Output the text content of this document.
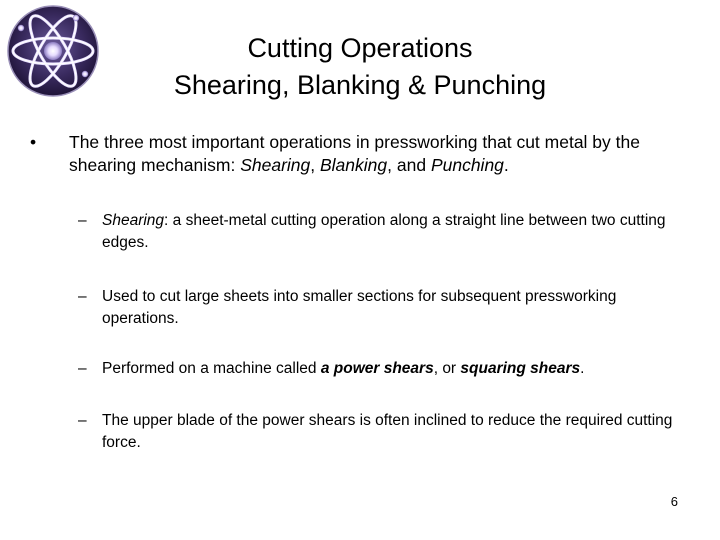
Cutting Operations
Shearing, Blanking & Punching
•	The three most important operations in pressworking that cut metal by the shearing mechanism: Shearing, Blanking, and Punching.
– Shearing: a sheet-metal cutting operation along a straight line between two cutting edges.
– Used to cut large sheets into smaller sections for subsequent pressworking operations.
– Performed on a machine called a power shears, or squaring shears.
– The upper blade of the power shears is often inclined to reduce the required cutting force.
6
